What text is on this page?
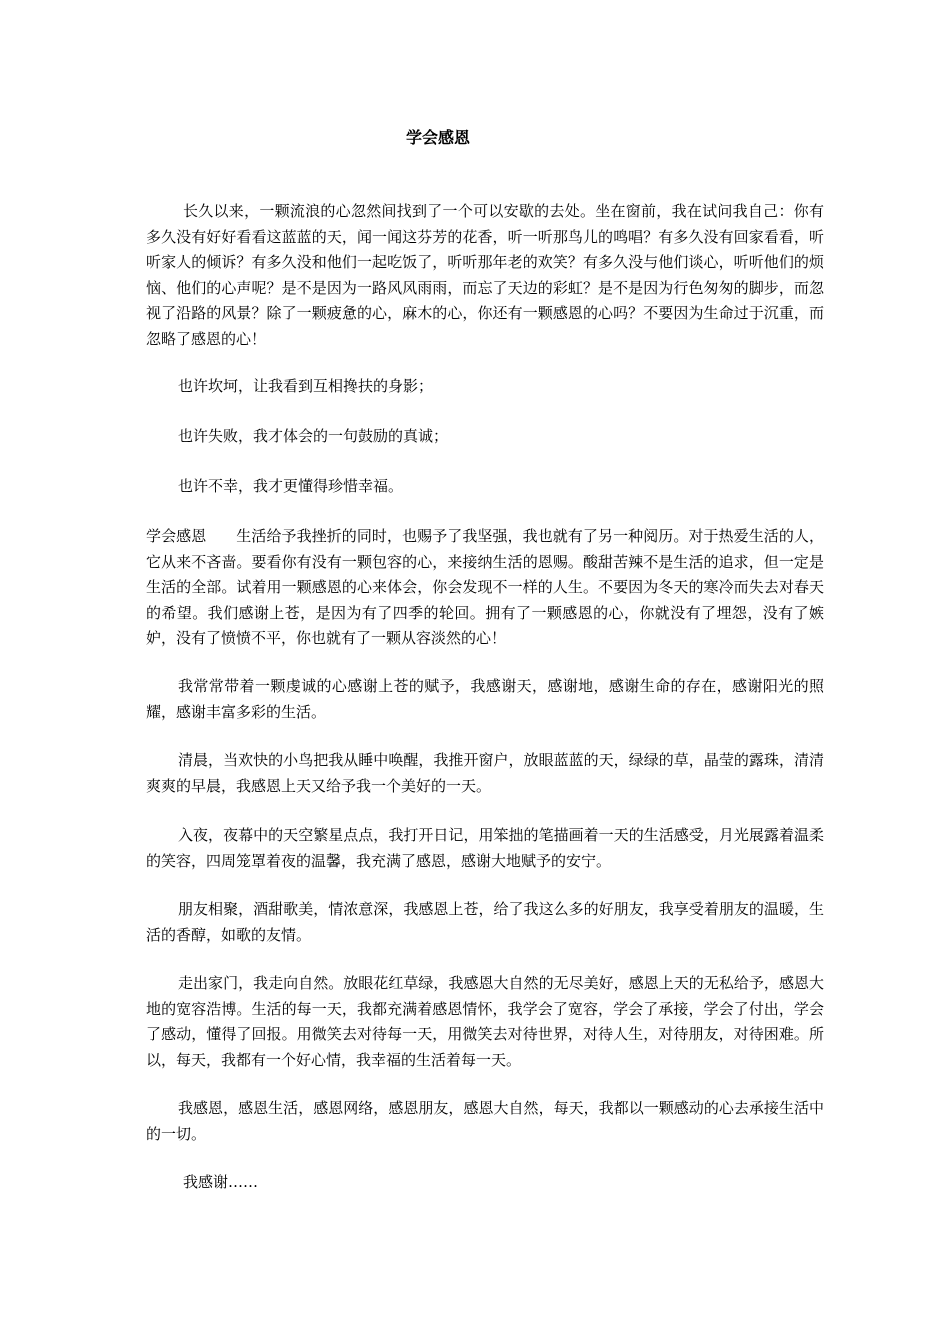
学会感恩

长久以来，一颗流浪的心忽然间找到了一个可以安歇的去处。坐在窗前，我在试问我自己：你有多久没有好好看看这蓝蓝的天，闻一闻这芬芳的花香，听一听那鸟儿的鸣唱？有多久没有回家看看，听听家人的倾诉？有多久没和他们一起吃饭了，听听那年老的欢笑？有多久没与他们谈心，听听他们的烦恼、他们的心声呢？是不是因为一路风风雨雨，而忘了天边的彩虹？是不是因为行色匆匆的脚步，而忽视了沿路的风景？除了一颗疲惫的心，麻木的心，你还有一颗感恩的心吗？不要因为生命过于沉重，而忽略了感恩的心！

也许坎坷，让我看到互相搀扶的身影；

也许失败，我才体会的一句鼓励的真诚；

也许不幸，我才更懂得珍惜幸福。

学会感恩 生活给予我挫折的同时，也赐予了我坚强，我也就有了另一种阅历。对于热爱生活的人，它从来不吝啬。要看你有没有一颗包容的心，来接纳生活的恩赐。酸甜苦辣不是生活的追求，但一定是生活的全部。试着用一颗感恩的心来体会，你会发现不一样的人生。不要因为冬天的寒冷而失去对春天的希望。我们感谢上苍，是因为有了四季的轮回。拥有了一颗感恩的心，你就没有了埋怨，没有了嫉妒，没有了愤愤不平，你也就有了一颗从容淡然的心！

我常常带着一颗虔诚的心感谢上苍的赋予，我感谢天，感谢地，感谢生命的存在，感谢阳光的照耀，感谢丰富多彩的生活。

清晨，当欢快的小鸟把我从睡中唤醒，我推开窗户，放眼蓝蓝的天，绿绿的草，晶莹的露珠，清清爽爽的早晨，我感恩上天又给予我一个美好的一天。

入夜，夜幕中的天空繁星点点，我打开日记，用笨拙的笔描画着一天的生活感受，月光展露着温柔的笑容，四周笼罩着夜的温馨，我充满了感恩，感谢大地赋予的安宁。

朋友相聚，酒甜歌美，情浓意深，我感恩上苍，给了我这么多的好朋友，我享受着朋友的温暖，生活的香醇，如歌的友情。

走出家门，我走向自然。放眼花红草绿，我感恩大自然的无尽美好，感恩上天的无私给予，感恩大地的宽容浩博。生活的每一天，我都充满着感恩情怀，我学会了宽容，学会了承接，学会了付出，学会了感动，懂得了回报。用微笑去对待每一天，用微笑去对待世界，对待人生，对待朋友，对待困难。所以，每天，我都有一个好心情，我幸福的生活着每一天。

我感恩，感恩生活，感恩网络，感恩朋友，感恩大自然，每天，我都以一颗感动的心去承接生活中的一切。

我感谢……
